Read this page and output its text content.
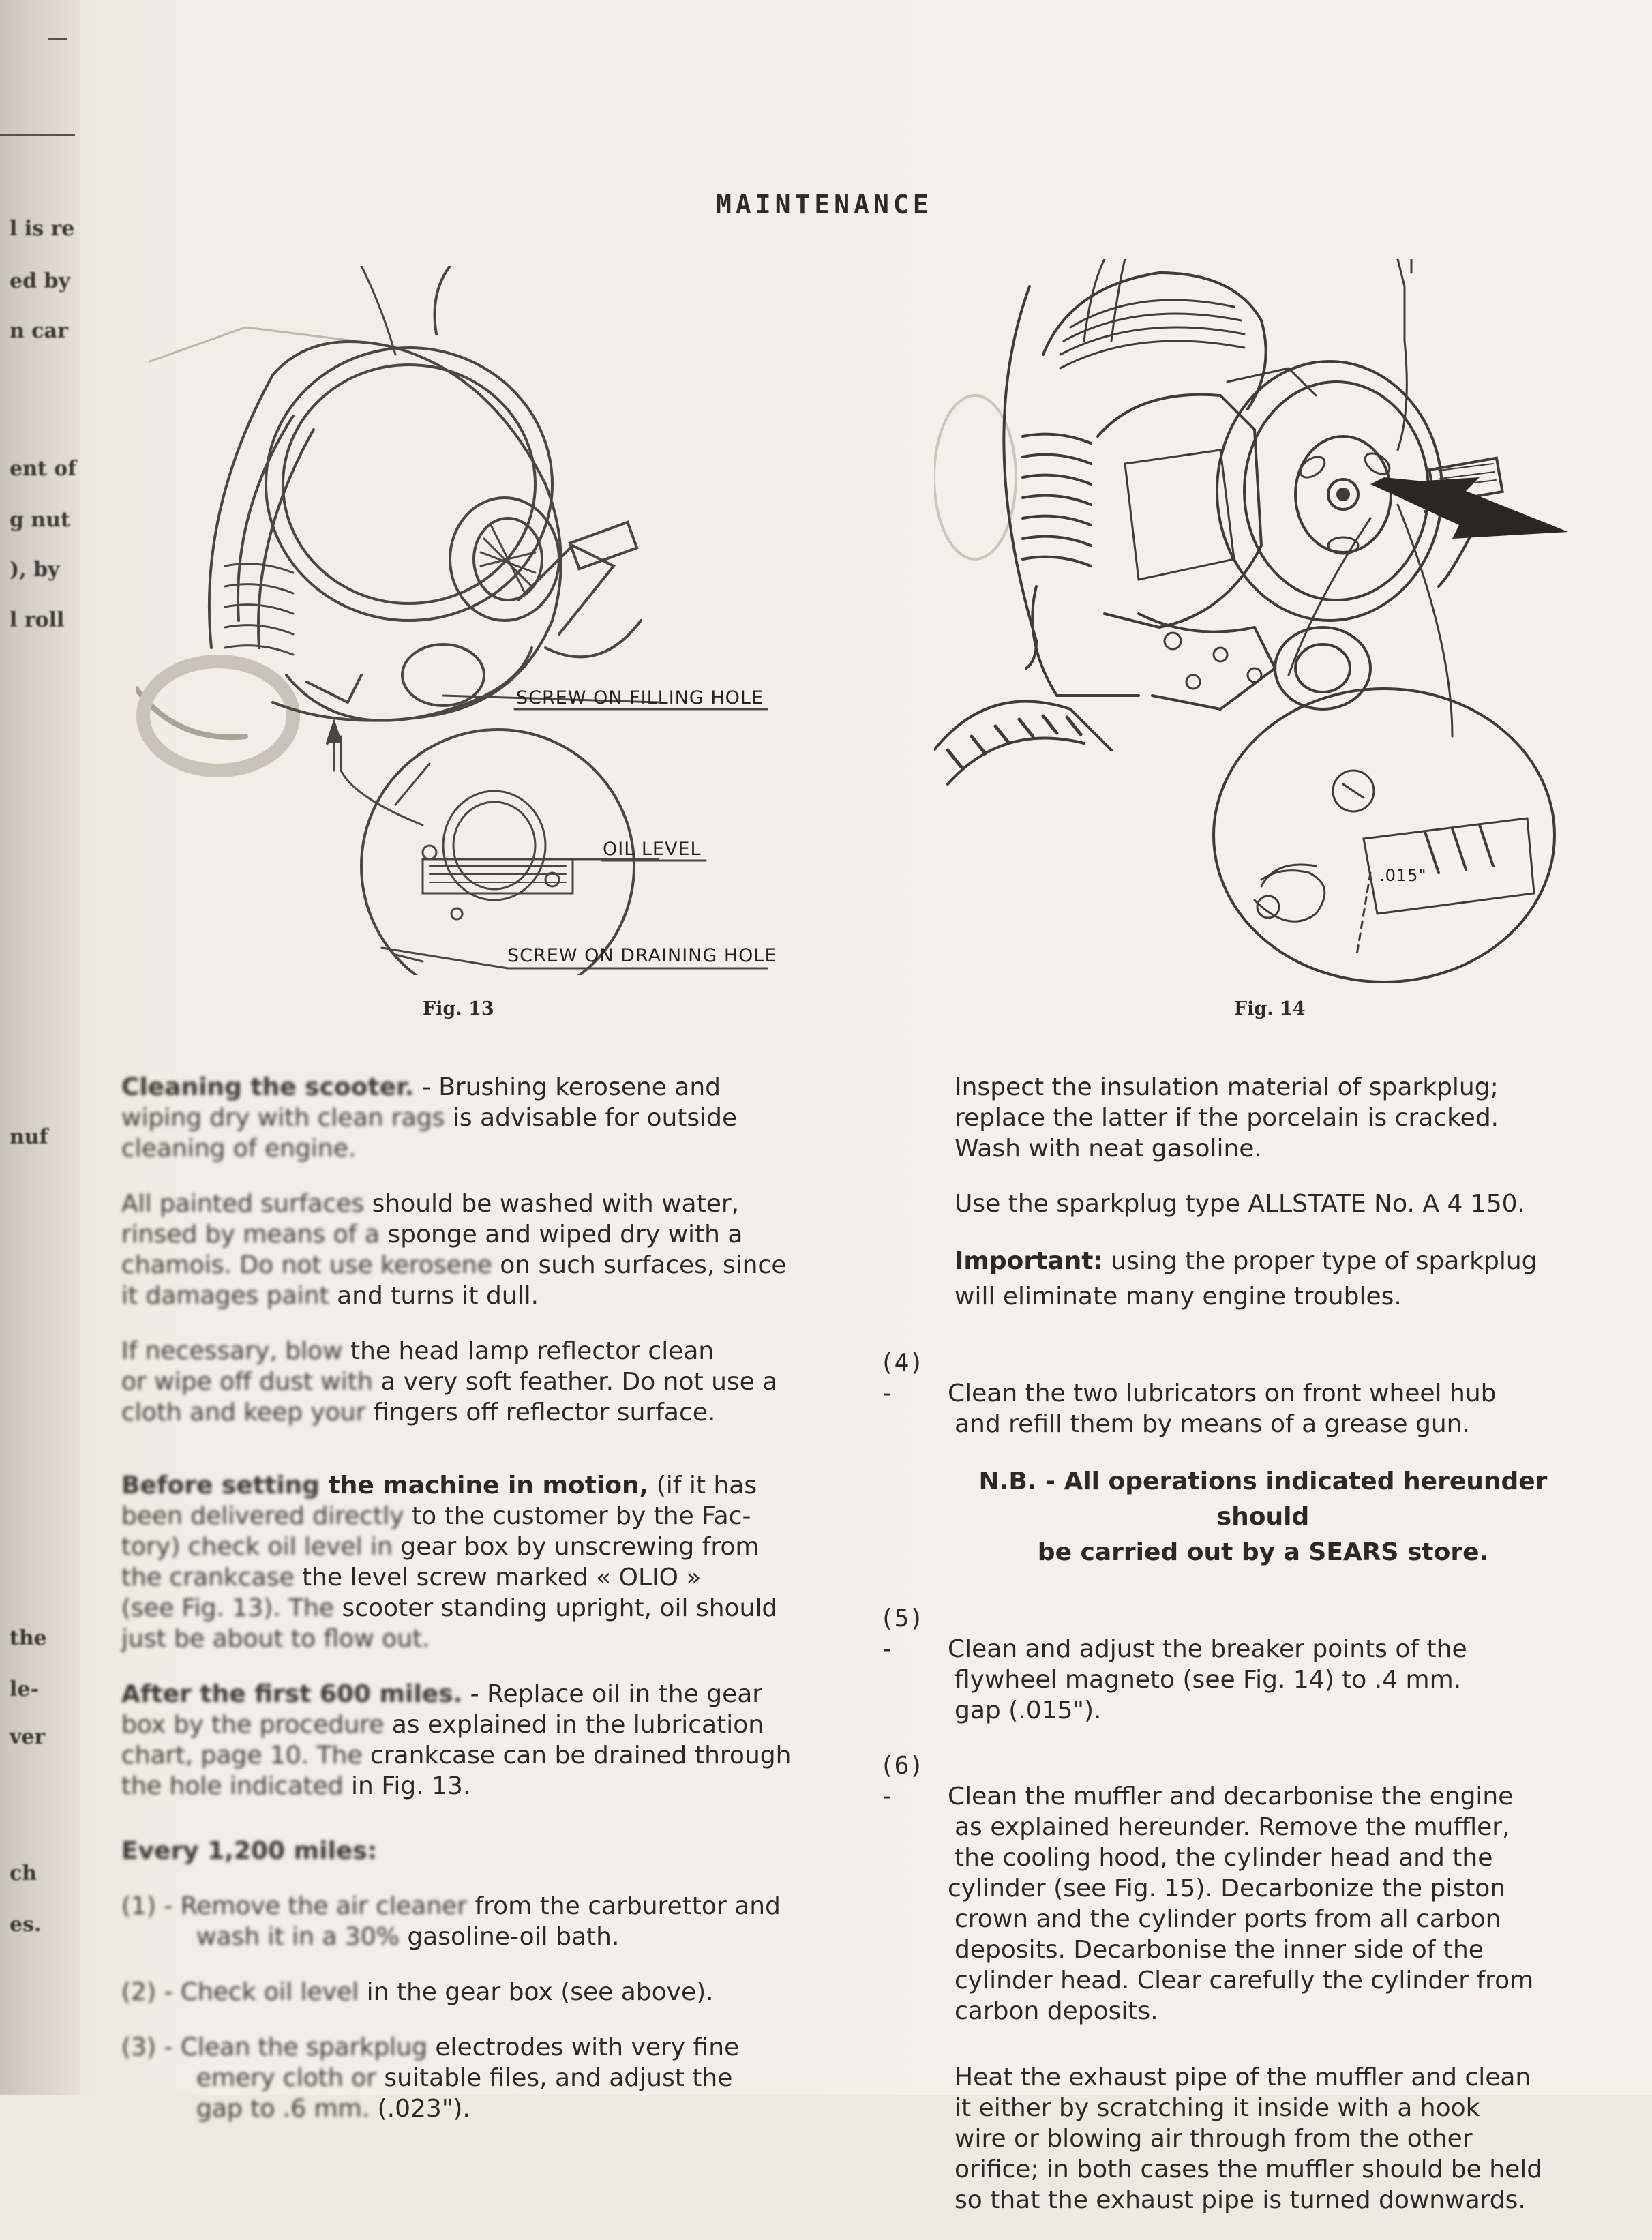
l is re
ed by
n car
ent of
g nut
), by
l roll
nuf
the
le-
ver
ch
es.
MAINTENANCE
SCREW ON FILLING HOLE
OIL LEVEL
SCREW ON DRAINING HOLE
Fig. 13
.015"
Fig. 14

Cleaning the scooter. - Brushing kerosene and
wiping dry with clean rags is advisable for outside
cleaning of engine.

All painted surfaces should be washed with water,
rinsed by means of a sponge and wiped dry with a
chamois. Do not use kerosene on such surfaces, since
it damages paint and turns it dull.

If necessary, blow the head lamp reflector clean
or wipe off dust with a very soft feather. Do not use a
cloth and keep your fingers off reflector surface.

Before setting the machine in motion, (if it has
been delivered directly to the customer by the Fac-
tory) check oil level in gear box by unscrewing from
the crankcase the level screw marked « OLIO »
(see Fig. 13). The scooter standing upright, oil should
just be about to flow out.

After the first 600 miles. - Replace oil in the gear
box by the procedure as explained in the lubrication
chart, page 10. The crankcase can be drained through
the hole indicated in Fig. 13.

Every 1,200 miles:

(1) - Remove the air cleaner from the carburettor and
wash it in a 30% gasoline-oil bath.

(2) - Check oil level in the gear box (see above).

(3) - Clean the sparkplug electrodes with very fine
emery cloth or suitable files, and adjust the
gap to .6 mm. (.023").

Inspect the insulation material of sparkplug;
replace the latter if the porcelain is cracked.
Wash with neat gasoline.

Use the sparkplug type ALLSTATE No. A 4 150.

Important: using the proper type of sparkplug
will eliminate many engine troubles.

(4) - Clean the two lubricators on front wheel hub
and refill them by means of a grease gun.

N.B. - All operations indicated hereunder should
be carried out by a SEARS store.

(5) - Clean and adjust the breaker points of the
flywheel magneto (see Fig. 14) to .4 mm.
gap (.015").

(6) - Clean the muffler and decarbonise the engine
as explained hereunder. Remove the muffler,
the cooling hood, the cylinder head and the
cylinder (see Fig. 15). Decarbonize the piston
crown and the cylinder ports from all carbon
deposits. Decarbonise the inner side of the
cylinder head. Clear carefully the cylinder from
carbon deposits.

Heat the exhaust pipe of the muffler and clean
it either by scratching it inside with a hook
wire or blowing air through from the other
orifice; in both cases the muffler should be held
so that the exhaust pipe is turned downwards.
